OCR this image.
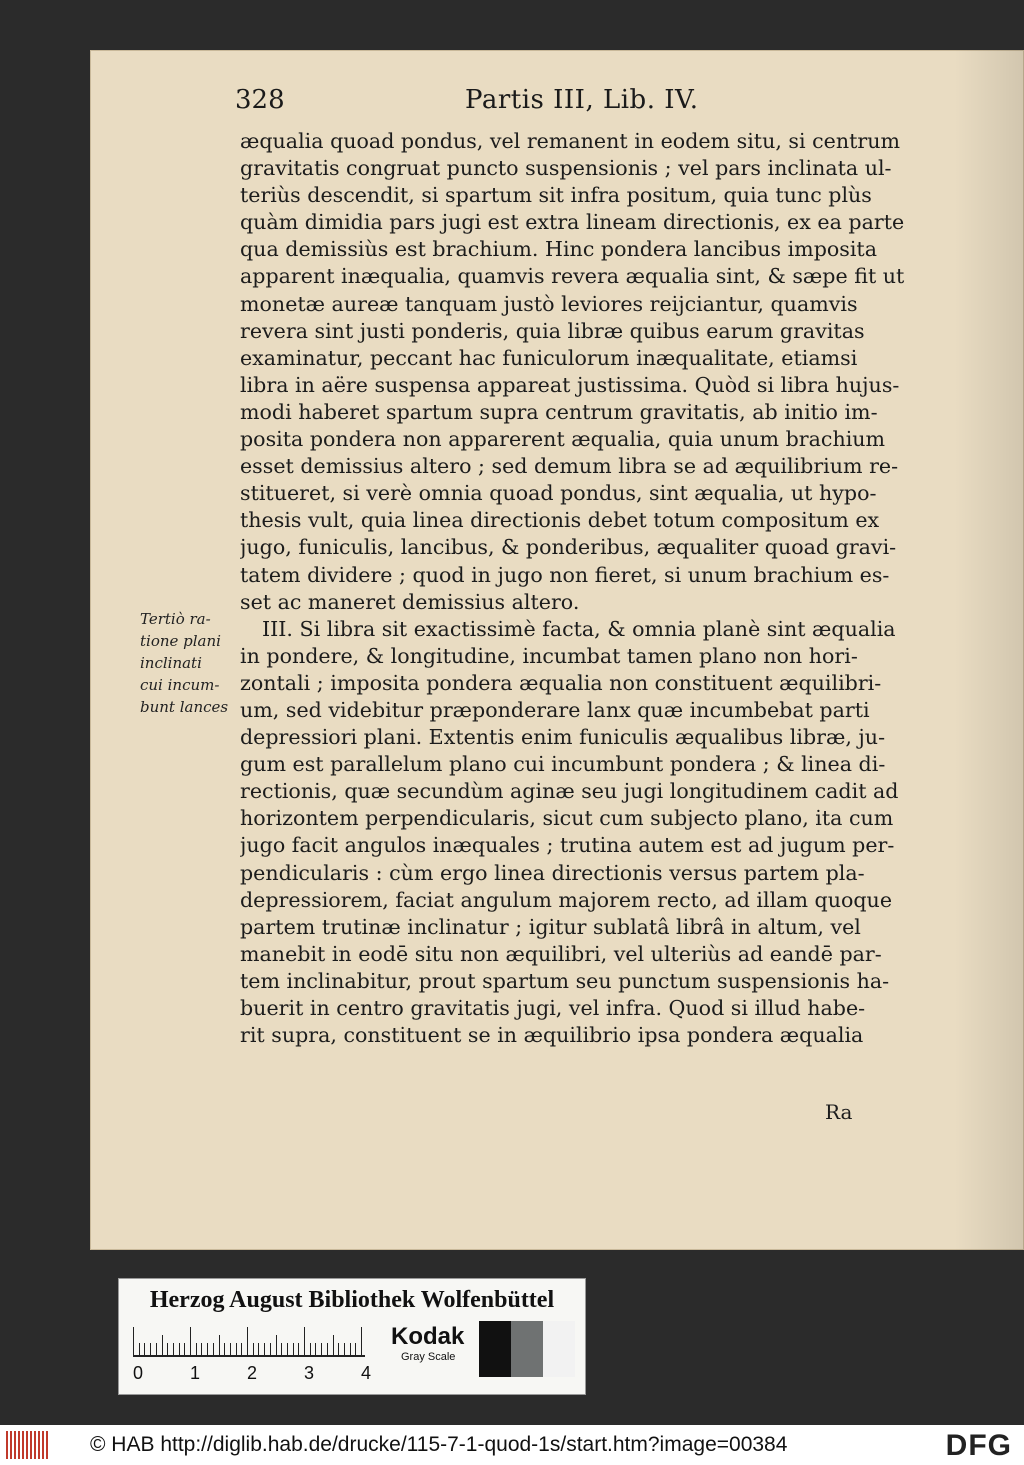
328	Partis III, Lib. IV.
æqualia quoad pondus, vel remanent in eodem situ, si centrum
gravitatis congruat puncto suspensionis ; vel pars inclinata ul-
teriùs descendit, si spartum sit infra positum, quia tunc plùs
quàm dimidia pars jugi est extra lineam directionis, ex ea parte
qua demissiùs est brachium. Hinc pondera lancibus imposita
apparent inæqualia, quamvis revera æqualia sint, & sæpe fit ut
monetæ aureæ tanquam justò leviores reijciantur, quamvis
revera sint justi ponderis, quia libræ quibus earum gravitas
examinatur, peccant hac funiculorum inæqualitate, etiamsi
libra in aëre suspensa appareat justissima. Quòd si libra hujus-
modi haberet spartum supra centrum gravitatis, ab initio im-
posita pondera non apparerent æqualia, quia unum brachium
esset demissius altero ; sed demum libra se ad æquilibrium re-
stitueret, si verè omnia quoad pondus, sint æqualia, ut hypo-
thesis vult, quia linea directionis debet totum compositum ex
jugo, funiculis, lancibus, & ponderibus, æqualiter quoad gravi-
tatem dividere ; quod in jugo non fieret, si unum brachium es-
set ac maneret demissius altero.
III. Si libra sit exactissimè facta, & omnia planè sint æqualia
in pondere, & longitudine, incumbat tamen plano non hori-
zontali ; imposita pondera æqualia non constituent æquilibri-
um, sed videbitur præponderare lanx quæ incumbebat parti
depressiori plani. Extentis enim funiculis æqualibus libræ, ju-
gum est parallelum plano cui incumbunt pondera ; & linea di-
rectionis, quæ secundùm aginæ seu jugi longitudinem cadit ad
horizontem perpendicularis, sicut cum subjecto plano, ita cum
jugo facit angulos inæquales ; trutina autem est ad jugum per-
pendicularis : cùm ergo linea directionis versus partem pla-
depressiorem, faciat angulum majorem recto, ad illam quoque
partem trutinæ inclinatur ; igitur sublatâ librâ in altum, vel
manebit in eodē situ non æquilibri, vel ulteriùs ad eandē par-
tem inclinabitur, prout spartum seu punctum suspensionis ha-
buerit in centro gravitatis jugi, vel infra. Quod si illud habe-
rit supra, constituent se in æquilibrio ipsa pondera æqualia
Tertiò ra-
tione plani
inclinati
cui incum-
bunt lances
Ra
Herzog August Bibliothek Wolfenbüttel
0	1	2	3	4
Kodak
Gray Scale
© HAB http://diglib.hab.de/drucke/115-7-1-quod-1s/start.htm?image=00384	DFG
